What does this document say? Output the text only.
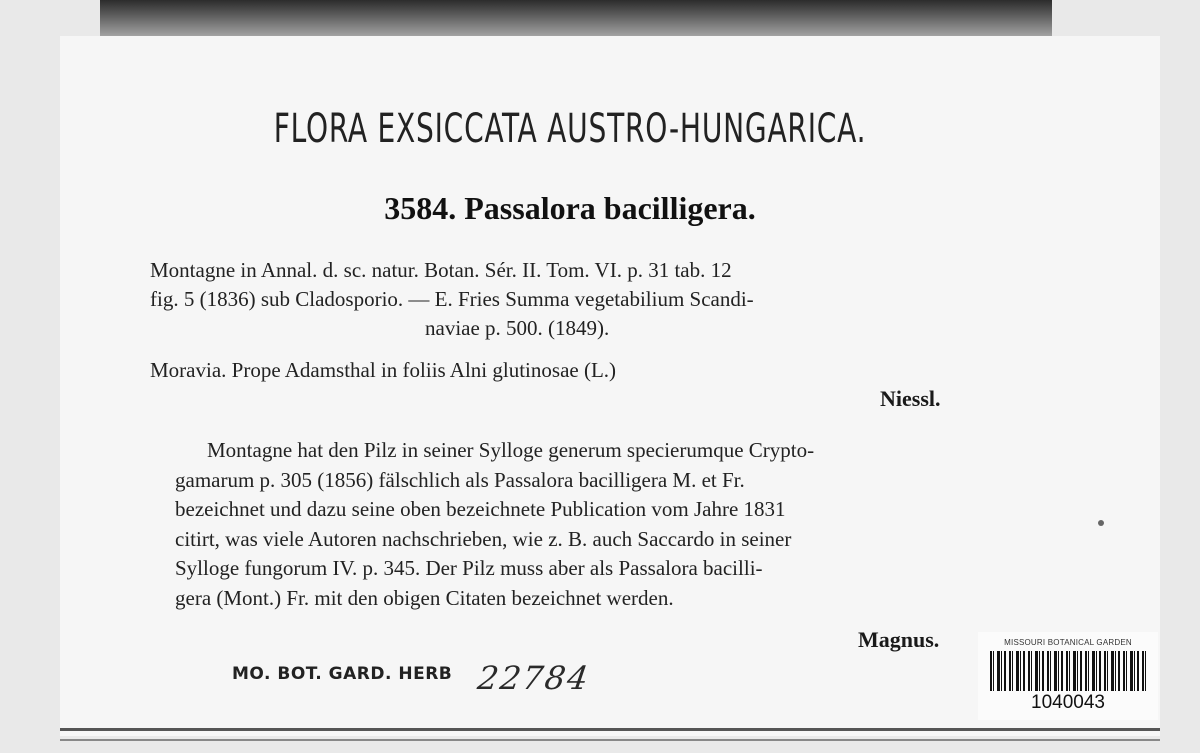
FLORA EXSICCATA AUSTRO-HUNGARICA.
3584. Passalora bacilligera.
Montagne in Annal. d. sc. natur. Botan. Sér. II. Tom. VI. p. 31 tab. 12
fig. 5 (1836) sub Cladosporio. — E. Fries Summa vegetabilium Scandi-
naviae p. 500. (1849).
Moravia. Prope Adamsthal in foliis Alni glutinosae (L.)
Niessl.
Montagne hat den Pilz in seiner Sylloge generum specierumque Crypto-
gamarum p. 305 (1856) fälschlich als Passalora bacilligera M. et Fr.
bezeichnet und dazu seine oben bezeichnete Publication vom Jahre 1831
citirt, was viele Autoren nachschrieben, wie z. B. auch Saccardo in seiner
Sylloge fungorum IV. p. 345. Der Pilz muss aber als Passalora bacilli-
gera (Mont.) Fr. mit den obigen Citaten bezeichnet werden.
Magnus.
MO. BOT. GARD. HERB 22784
MISSOURI BOTANICAL GARDEN
1040043
